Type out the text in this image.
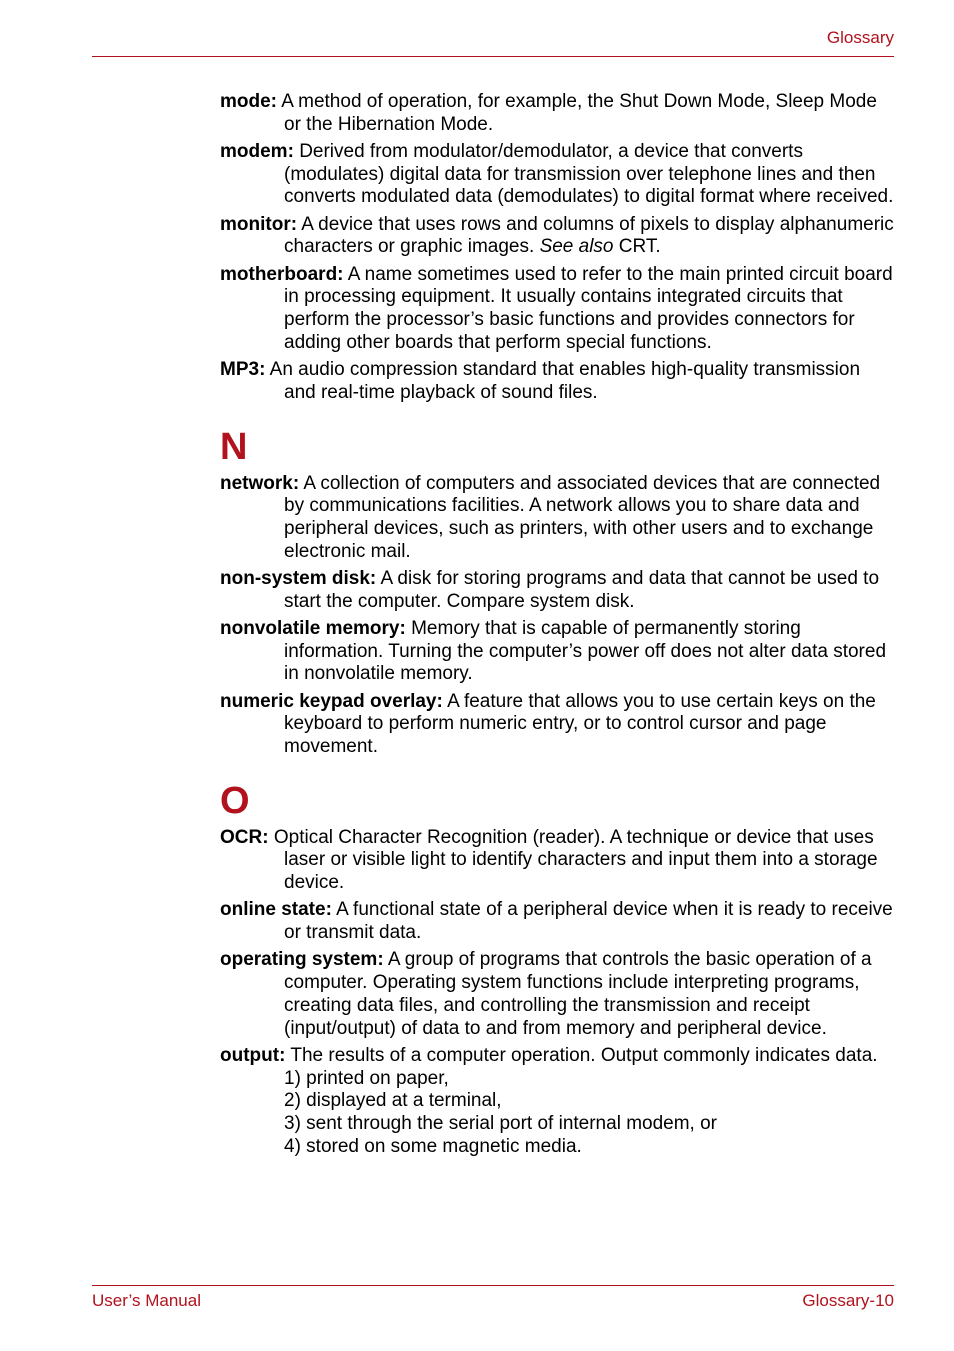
Glossary
mode: A method of operation, for example, the Shut Down Mode, Sleep Mode or the Hibernation Mode.
modem: Derived from modulator/demodulator, a device that converts (modulates) digital data for transmission over telephone lines and then converts modulated data (demodulates) to digital format where received.
monitor: A device that uses rows and columns of pixels to display alphanumeric characters or graphic images. See also CRT.
motherboard: A name sometimes used to refer to the main printed circuit board in processing equipment. It usually contains integrated circuits that perform the processor’s basic functions and provides connectors for adding other boards that perform special functions.
MP3: An audio compression standard that enables high-quality transmission and real-time playback of sound files.
N
network: A collection of computers and associated devices that are connected by communications facilities. A network allows you to share data and peripheral devices, such as printers, with other users and to exchange electronic mail.
non-system disk: A disk for storing programs and data that cannot be used to start the computer. Compare system disk.
nonvolatile memory: Memory that is capable of permanently storing information. Turning the computer’s power off does not alter data stored in nonvolatile memory.
numeric keypad overlay: A feature that allows you to use certain keys on the keyboard to perform numeric entry, or to control cursor and page movement.
O
OCR: Optical Character Recognition (reader). A technique or device that uses laser or visible light to identify characters and input them into a storage device.
online state: A functional state of a peripheral device when it is ready to receive or transmit data.
operating system: A group of programs that controls the basic operation of a computer. Operating system functions include interpreting programs, creating data files, and controlling the transmission and receipt (input/output) of data to and from memory and peripheral device.
output: The results of a computer operation. Output commonly indicates data.
1) printed on paper,
2) displayed at a terminal,
3) sent through the serial port of internal modem, or
4) stored on some magnetic media.
User’s Manual	Glossary-10
